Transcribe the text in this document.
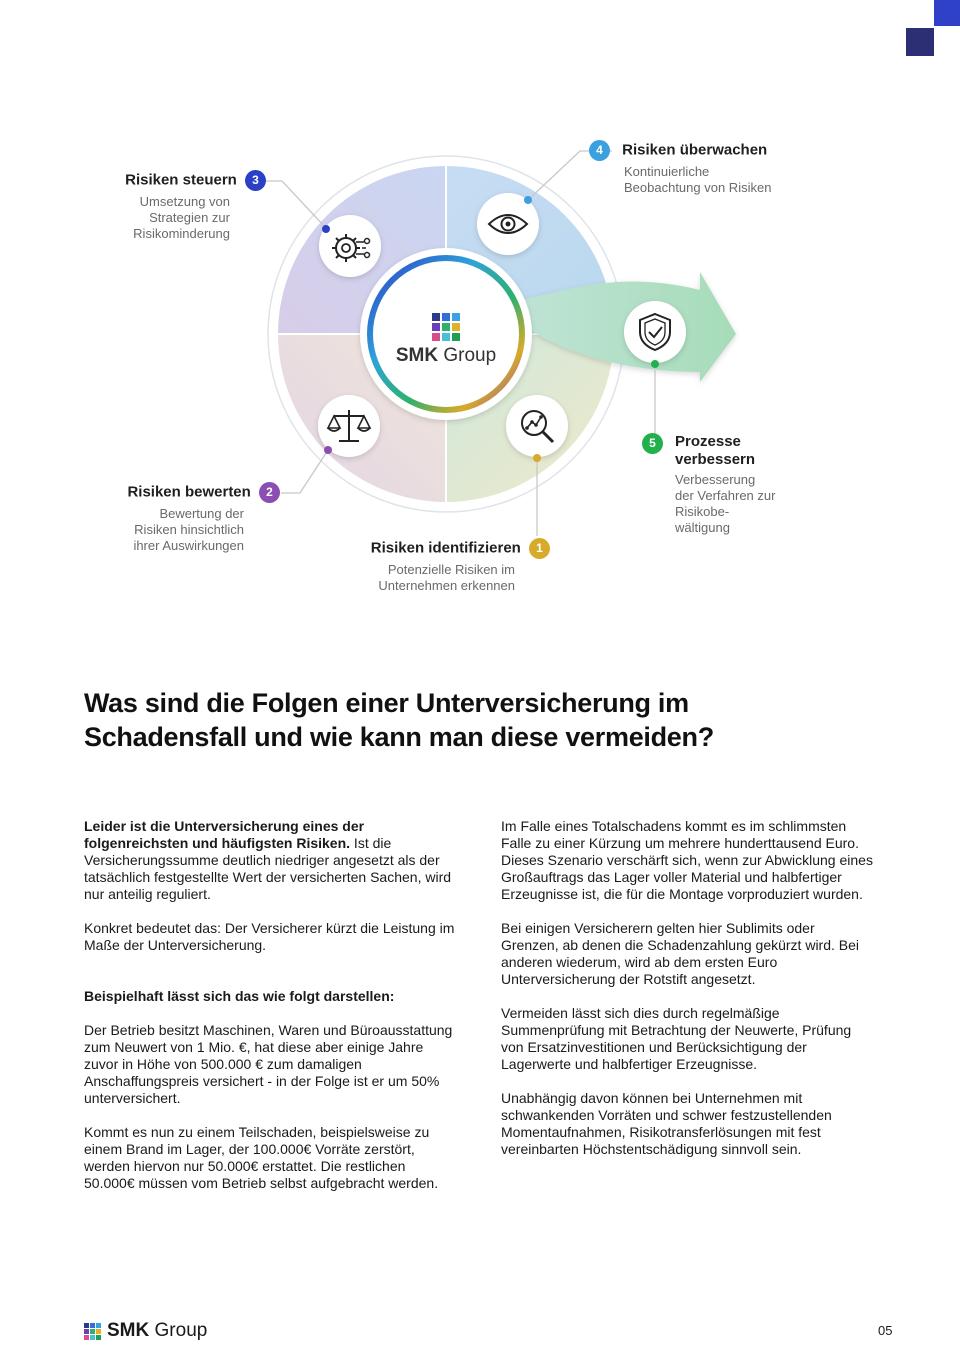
SMK Group
Risiken steuern 3
Umsetzung von
Strategien zur
Risikominderung
4 Risiken überwachen
Kontinuierliche
Beobachtung von Risiken
5	Prozesse
verbessern
Verbesserung
der Verfahren zur
Risikobe-
wältigung
Risiken bewerten 2
Bewertung der
Risiken hinsichtlich
ihrer Auswirkungen	Risiken identifizieren 1
Potenzielle Risiken im
Unternehmen erkennen
Was sind die Folgen einer Unterversicherung im
Schadensfall und wie kann man diese vermeiden?

Leider ist die Unterversicherung eines der folgenreichsten und häufigsten Risiken. Ist die Versicherungssumme deutlich niedriger angesetzt als der tatsächlich festgestellte Wert der versicherten Sachen, wird nur anteilig reguliert.

Konkret bedeutet das: Der Versicherer kürzt die Leistung im Maße der Unterversicherung.

Beispielhaft lässt sich das wie folgt darstellen:

Der Betrieb besitzt Maschinen, Waren und Büroausstattung zum Neuwert von 1 Mio. €, hat diese aber einige Jahre zuvor in Höhe von 500.000 € zum damaligen Anschaffungspreis versichert - in der Folge ist er um 50% unterversichert.

Kommt es nun zu einem Teilschaden, beispielsweise zu einem Brand im Lager, der 100.000€ Vorräte zerstört, werden hiervon nur 50.000€ erstattet. Die restlichen 50.000€ müssen vom Betrieb selbst aufgebracht werden.

Im Falle eines Totalschadens kommt es im schlimmsten Falle zu einer Kürzung um mehrere hunderttausend Euro. Dieses Szenario verschärft sich, wenn zur Abwicklung eines Großauftrags das Lager voller Material und halbfertiger Erzeugnisse ist, die für die Montage vorproduziert wurden.

Bei einigen Versicherern gelten hier Sublimits oder Grenzen, ab denen die Schadenzahlung gekürzt wird. Bei anderen wiederum, wird ab dem ersten Euro Unterversicherung der Rotstift angesetzt.

Vermeiden lässt sich dies durch regelmäßige Summenprüfung mit Betrachtung der Neuwerte, Prüfung von Ersatzinvestitionen und Berücksichtigung der Lagerwerte und halbfertiger Erzeugnisse.

Unabhängig davon können bei Unternehmen mit schwankenden Vorräten und schwer festzustellenden Momentaufnahmen, Risikotransferlösungen mit fest vereinbarten Höchstentschädigung sinnvoll sein.

SMK Group	05
